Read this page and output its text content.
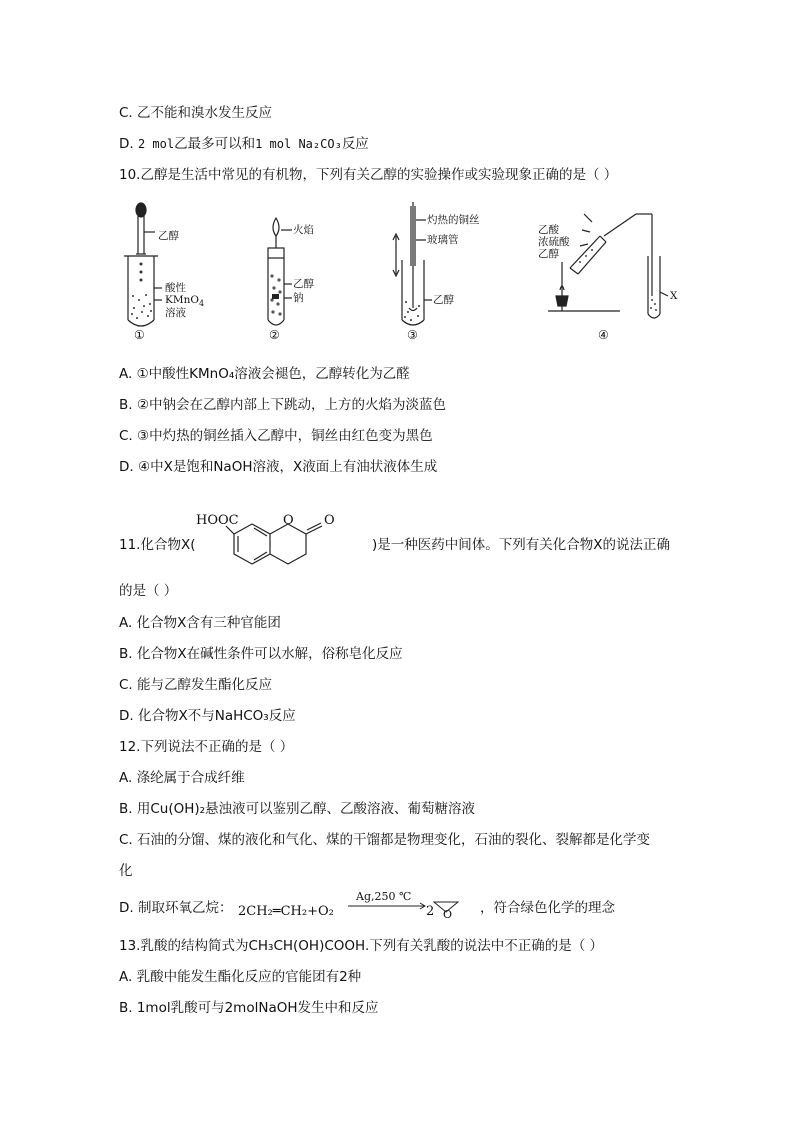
C. 乙不能和溴水发生反应
D. 2 mol乙最多可以和1 mol Na₂CO₃反应
10.乙醇是生活中常见的有机物，下列有关乙醇的实验操作或实验现象正确的是（ ）
乙醇
酸性
KMnO$_4$
溶液
①
火焰
乙醇
钠
②
灼热的铜丝
玻璃管
乙醇
③
乙酸
浓硫酸
乙醇
X
④
A. ①中酸性KMnO₄溶液会褪色，乙醇转化为乙醛
B. ②中钠会在乙醇内部上下跳动，上方的火焰为淡蓝色
C. ③中灼热的铜丝插入乙醇中，铜丝由红色变为黑色
D. ④中X是饱和NaOH溶液，X液面上有油状液体生成
11.化合物X(
HOOC	O O
)是一种医药中间体。下列有关化合物X的说法正确
的是（ ）
A. 化合物X含有三种官能团
B. 化合物X在碱性条件可以水解，俗称皂化反应
C. 能与乙醇发生酯化反应
D. 化合物X不与NaHCO₃反应
12.下列说法不正确的是（ ）
A. 涤纶属于合成纤维
B. 用Cu(OH)₂悬浊液可以鉴别乙醇、乙酸溶液、葡萄糖溶液
C. 石油的分馏、煤的液化和气化、煤的干馏都是物理变化，石油的裂化、裂解都是化学变
化
D. 制取环氧乙烷： 2CH₂═CH₂+O₂
Ag,250 ℃
2 O ，符合绿色化学的理念
13.乳酸的结构简式为CH₃CH(OH)COOH.下列有关乳酸的说法中不正确的是（ ）
A. 乳酸中能发生酯化反应的官能团有2种
B. 1mol乳酸可与2molNaOH发生中和反应
